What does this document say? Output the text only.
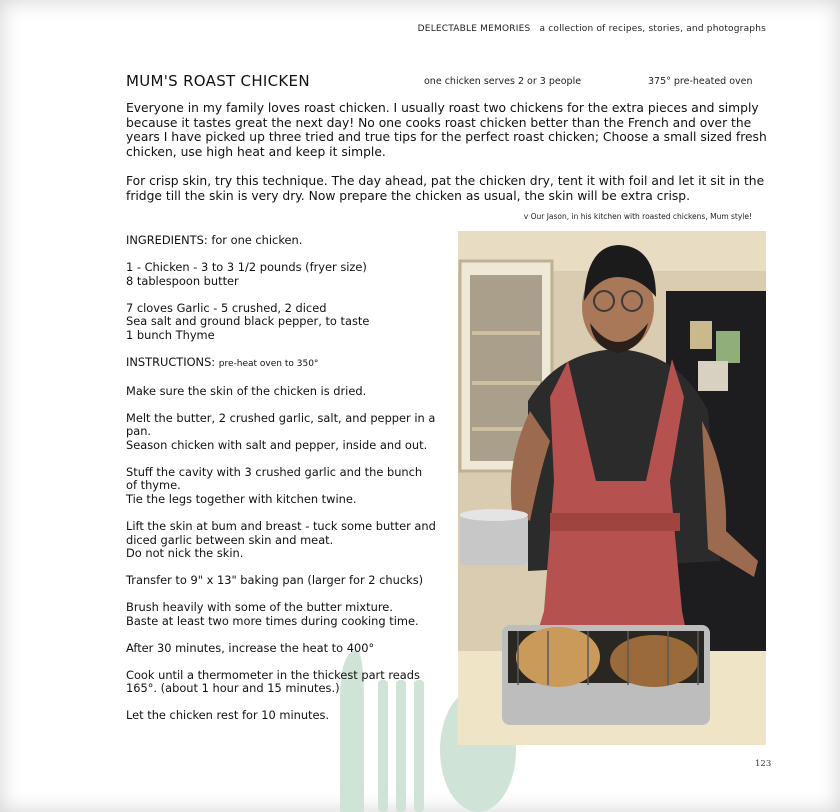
DELECTABLE MEMORIES a collection of recipes, stories, and photographs
MUM'S ROAST CHICKEN	one chicken serves 2 or 3 people	375° pre-heated oven

Everyone in my family loves roast chicken. I usually roast two chickens for the extra pieces and simply because it tastes great the next day! No one cooks roast chicken better than the French and over the years I have picked up three tried and true tips for the perfect roast chicken; Choose a small sized fresh chicken, use high heat and keep it simple.

For crisp skin, try this technique. The day ahead, pat the chicken dry, tent it with foil and let it sit in the fridge till the skin is very dry. Now prepare the chicken as usual, the skin will be extra crisp.

v Our Jason, in his kitchen with roasted chickens, Mum style!

INGREDIENTS: for one chicken.

1 - Chicken - 3 to 3 1/2 pounds (fryer size)
8 tablespoon butter

7 cloves Garlic - 5 crushed, 2 diced
Sea salt and ground black pepper, to taste
1 bunch Thyme

INSTRUCTIONS: pre-heat oven to 350°

Make sure the skin of the chicken is dried.

Melt the butter, 2 crushed garlic, salt, and pepper in a pan.
Season chicken with salt and pepper, inside and out.

Stuff the cavity with 3 crushed garlic and the bunch of thyme.
Tie the legs together with kitchen twine.

Lift the skin at bum and breast - tuck some butter and diced garlic between skin and meat.
Do not nick the skin.

Transfer to 9" x 13" baking pan (larger for 2 chucks)

Brush heavily with some of the butter mixture.
Baste at least two more times during cooking time.

After 30 minutes, increase the heat to 400°

Cook until a thermometer in the thickest part reads 165°. (about 1 hour and 15 minutes.)

Let the chicken rest for 10 minutes.

123
